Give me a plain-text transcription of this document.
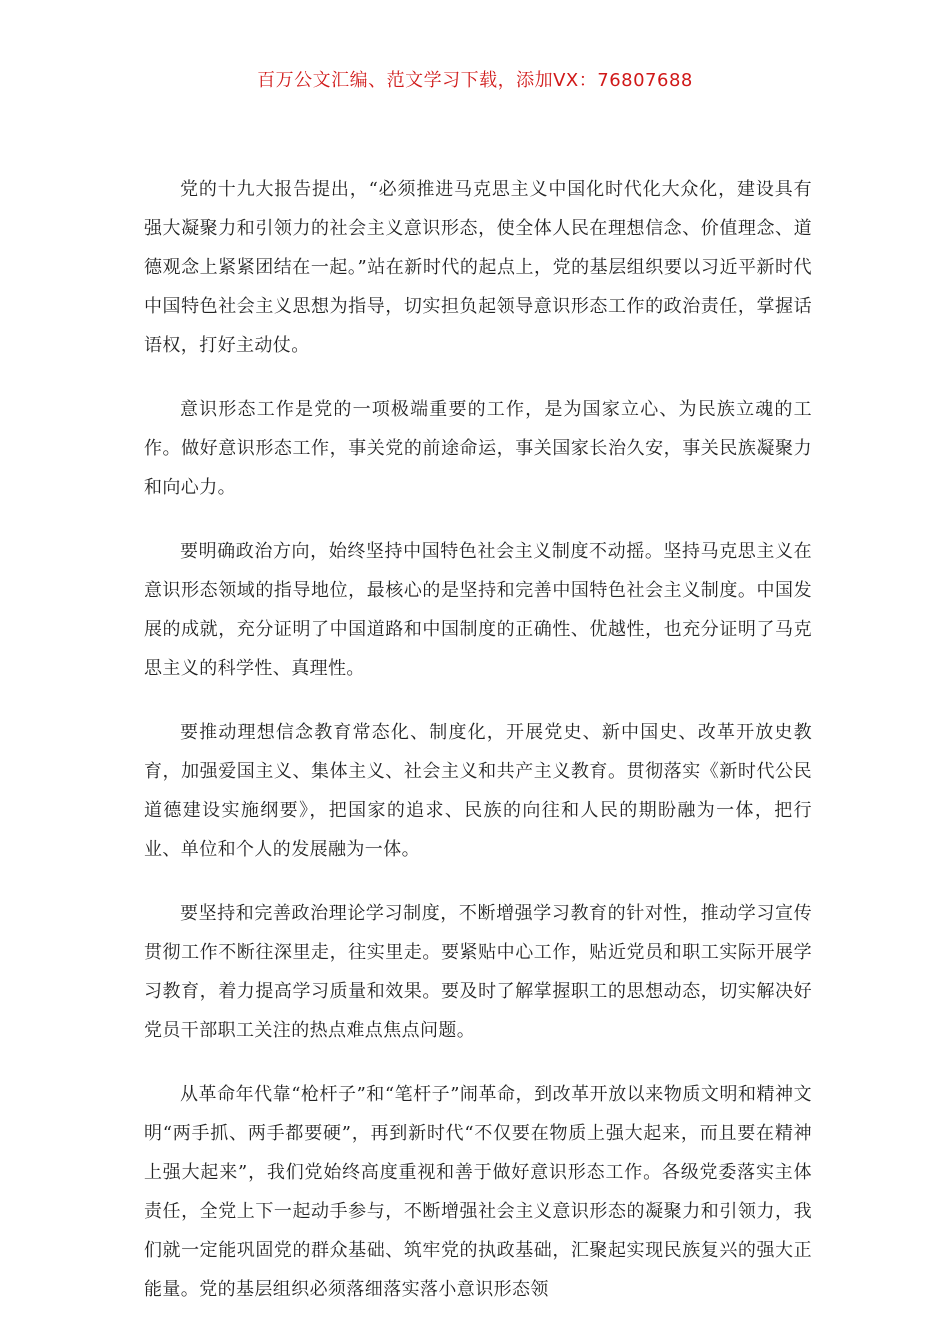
百万公文汇编、范文学习下载，添加VX：76807688

党的十九大报告提出，“必须推进马克思主义中国化时代化大众化，建设具有强大凝聚力和引领力的社会主义意识形态，使全体人民在理想信念、价值理念、道德观念上紧紧团结在一起。”站在新时代的起点上，党的基层组织要以习近平新时代中国特色社会主义思想为指导，切实担负起领导意识形态工作的政治责任，掌握话语权，打好主动仗。

意识形态工作是党的一项极端重要的工作，是为国家立心、为民族立魂的工作。做好意识形态工作，事关党的前途命运，事关国家长治久安，事关民族凝聚力和向心力。

要明确政治方向，始终坚持中国特色社会主义制度不动摇。坚持马克思主义在意识形态领域的指导地位，最核心的是坚持和完善中国特色社会主义制度。中国发展的成就，充分证明了中国道路和中国制度的正确性、优越性，也充分证明了马克思主义的科学性、真理性。

要推动理想信念教育常态化、制度化，开展党史、新中国史、改革开放史教育，加强爱国主义、集体主义、社会主义和共产主义教育。贯彻落实《新时代公民道德建设实施纲要》，把国家的追求、民族的向往和人民的期盼融为一体，把行业、单位和个人的发展融为一体。

要坚持和完善政治理论学习制度，不断增强学习教育的针对性，推动学习宣传贯彻工作不断往深里走，往实里走。要紧贴中心工作，贴近党员和职工实际开展学习教育，着力提高学习质量和效果。要及时了解掌握职工的思想动态，切实解决好党员干部职工关注的热点难点焦点问题。

从革命年代靠“枪杆子”和“笔杆子”闹革命，到改革开放以来物质文明和精神文明“两手抓、两手都要硬”，再到新时代“不仅要在物质上强大起来，而且要在精神上强大起来”，我们党始终高度重视和善于做好意识形态工作。各级党委落实主体责任，全党上下一起动手参与，不断增强社会主义意识形态的凝聚力和引领力，我们就一定能巩固党的群众基础、筑牢党的执政基础，汇聚起实现民族复兴的强大正能量。党的基层组织必须落细落实落小意识形态领
